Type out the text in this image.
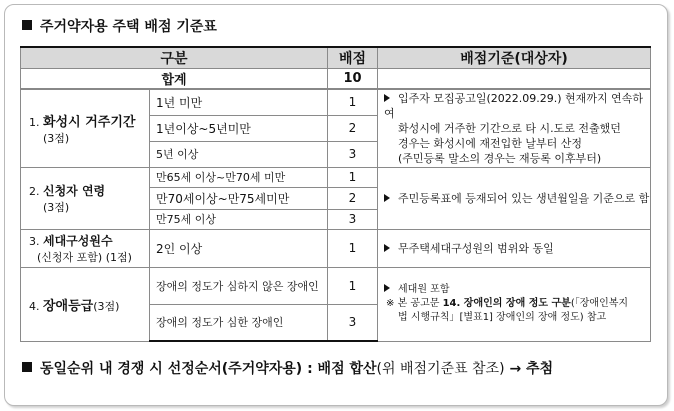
주거약자용 주택 배점 기준표
구분		배점	배점기준(대상자)
합계		10	
1. 화성시 거주기간
(3점)	1년 미만	1	입주자 모집공고일(2022.09.29.) 현재까지 연속하여
화성시에 거주한 기간으로 타 시.도로 전출했던
경우는 화성시에 재전입한 날부터 산정
(주민등록 말소의 경우는 재등록 이후부터)

	1년이상~5년미만	2	
	5년 이상	3	
2. 신청자 연령
(3점)	만65세 이상~만70세 미만	1	주민등록표에 등재되어 있는 생년월일을 기준으로 함
	만70세이상~만75세미만	2	
	만75세 이상	3	
3. 세대구성원수
(신청자 포함) (1점)	2인 이상	1	무주택세대구성원의 범위와 동일
4. 장애등급(3점)	장애의 정도가 심하지 않은 장애인	1	세대원 포함
※ 본 공고문 14. 장애인의 장애 정도 구분(「장애인복지
법 시행규칙」[별표1] 장애인의 장애 정도) 참고

	장애의 정도가 심한 장애인	3	
동일순위 내 경쟁 시 선정순서(주거약자용) : 배점 합산(위 배점기준표 참조) → 추첨
